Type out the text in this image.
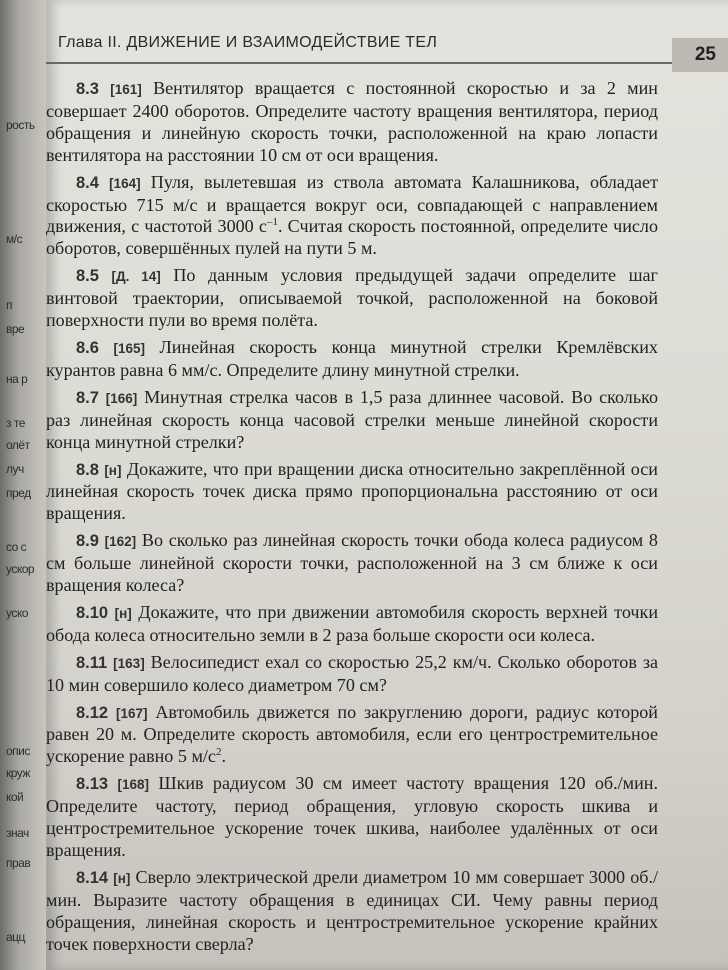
рость
м/с
п
вре
на р
з те
олёт
луч
пред
со с
ускор
уско
опис
круж
кой
знач
прав
ацц
Глава II. ДВИЖЕНИЕ И ВЗАИМОДЕЙСТВИЕ ТЕЛ
25

8.3 [161] Вентилятор вращается с постоянной скоростью и за 2 мин совершает 2400 оборотов. Определите частоту вращения вентилятора, период обращения и линейную скорость точки, расположенной на краю лопасти вентилятора на расстоянии 10 см от оси вращения.

8.4 [164] Пуля, вылетевшая из ствола автомата Калашникова, обладает скоростью 715 м/с и вращается вокруг оси, совпадающей с направлением движения, с частотой 3000 $с^{-1}$. Считая скорость постоянной, определите число оборотов, совершённых пулей на пути 5 м.

8.5 [Д. 14] По данным условия предыдущей задачи определите шаг винтовой траектории, описываемой точкой, расположенной на боковой поверхности пули во время полёта.

8.6 [165] Линейная скорость конца минутной стрелки Кремлёвских курантов равна 6 мм/с. Определите длину минутной стрелки.

8.7 [166] Минутная стрелка часов в 1,5 раза длиннее часовой. Во сколько раз линейная скорость конца часовой стрелки меньше линейной скорости конца минутной стрелки?

8.8 [н] Докажите, что при вращении диска относительно закреплённой оси линейная скорость точек диска прямо пропорциональна расстоянию от оси вращения.

8.9 [162] Во сколько раз линейная скорость точки обода колеса радиусом 8 см больше линейной скорости точки, расположенной на 3 см ближе к оси вращения колеса?

8.10 [н] Докажите, что при движении автомобиля скорость верхней точки обода колеса относительно земли в 2 раза больше скорости оси колеса.

8.11 [163] Велосипедист ехал со скоростью 25,2 км/ч. Сколько оборотов за 10 мин совершило колесо диаметром 70 см?

8.12 [167] Автомобиль движется по закруглению дороги, радиус которой равен 20 м. Определите скорость автомобиля, если его центростремительное ускорение равно 5 $м/с^2$.

8.13 [168] Шкив радиусом 30 см имеет частоту вращения 120 об./мин. Определите частоту, период обращения, угловую скорость шкива и центростремительное ускорение точек шкива, наиболее удалённых от оси вращения.

8.14 [н] Сверло электрической дрели диаметром 10 мм совершает 3000 об./мин. Выразите частоту обращения в единицах СИ. Чему равны период обращения, линейная скорость и центростремительное ускорение крайних точек поверхности сверла?
